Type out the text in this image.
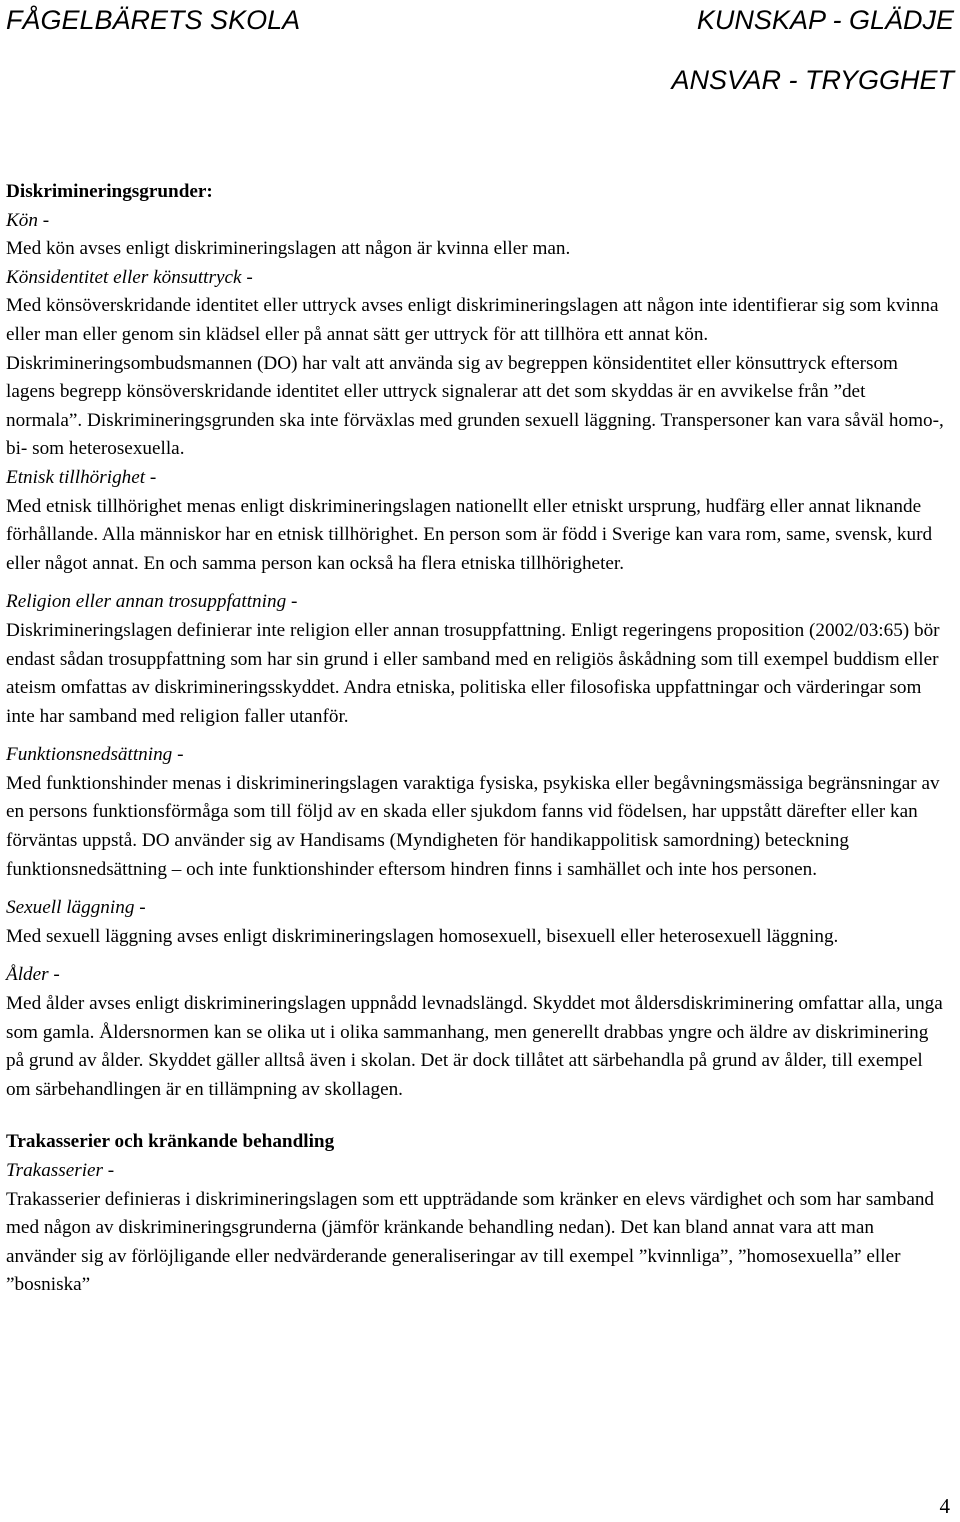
FÅGELBÄRETS SKOLA	KUNSKAP - GLÄDJE
ANSVAR - TRYGGHET

Diskrimineringsgrunder:

Kön -

Med kön avses enligt diskrimineringslagen att någon är kvinna eller man.

Könsidentitet eller könsuttryck -

Med könsöverskridande identitet eller uttryck avses enligt diskrimineringslagen att någon inte identifierar sig som kvinna eller man eller genom sin klädsel eller på annat sätt ger uttryck för att tillhöra ett annat kön. Diskrimineringsombudsmannen (DO) har valt att använda sig av begreppen könsidentitet eller könsuttryck eftersom lagens begrepp könsöverskridande identitet eller uttryck signalerar att det som skyddas är en avvikelse från ”det normala”. Diskrimineringsgrunden ska inte förväxlas med grunden sexuell läggning. Transpersoner kan vara såväl homo-, bi- som heterosexuella.

Etnisk tillhörighet -

Med etnisk tillhörighet menas enligt diskrimineringslagen nationellt eller etniskt ursprung, hudfärg eller annat liknande förhållande. Alla människor har en etnisk tillhörighet. En person som är född i Sverige kan vara rom, same, svensk, kurd eller något annat. En och samma person kan också ha flera etniska tillhörigheter.

Religion eller annan trosuppfattning -

Diskrimineringslagen definierar inte religion eller annan trosuppfattning. Enligt regeringens proposition (2002/03:65) bör endast sådan trosuppfattning som har sin grund i eller samband med en religiös åskådning som till exempel buddism eller ateism omfattas av diskrimineringsskyddet. Andra etniska, politiska eller filosofiska uppfattningar och värderingar som inte har samband med religion faller utanför.

Funktionsnedsättning -

Med funktionshinder menas i diskrimineringslagen varaktiga fysiska, psykiska eller begåvningsmässiga begränsningar av en persons funktionsförmåga som till följd av en skada eller sjukdom fanns vid födelsen, har uppstått därefter eller kan förväntas uppstå. DO använder sig av Handisams (Myndigheten för handikappolitisk samordning) beteckning funktionsnedsättning – och inte funktionshinder eftersom hindren finns i samhället och inte hos personen.

Sexuell läggning -

Med sexuell läggning avses enligt diskrimineringslagen homosexuell, bisexuell eller heterosexuell läggning.

Ålder -

Med ålder avses enligt diskrimineringslagen uppnådd levnadslängd. Skyddet mot åldersdiskriminering omfattar alla, unga som gamla. Åldersnormen kan se olika ut i olika sammanhang, men generellt drabbas yngre och äldre av diskriminering på grund av ålder. Skyddet gäller alltså även i skolan. Det är dock tillåtet att särbehandla på grund av ålder, till exempel om särbehandlingen är en tillämpning av skollagen.

Trakasserier och kränkande behandling

Trakasserier -

Trakasserier definieras i diskrimineringslagen som ett uppträdande som kränker en elevs värdighet och som har samband med någon av diskrimineringsgrunderna (jämför kränkande behandling nedan). Det kan bland annat vara att man använder sig av förlöjligande eller nedvärderande generaliseringar av till exempel ”kvinnliga”, ”homosexuella” eller ”bosniska”

4
